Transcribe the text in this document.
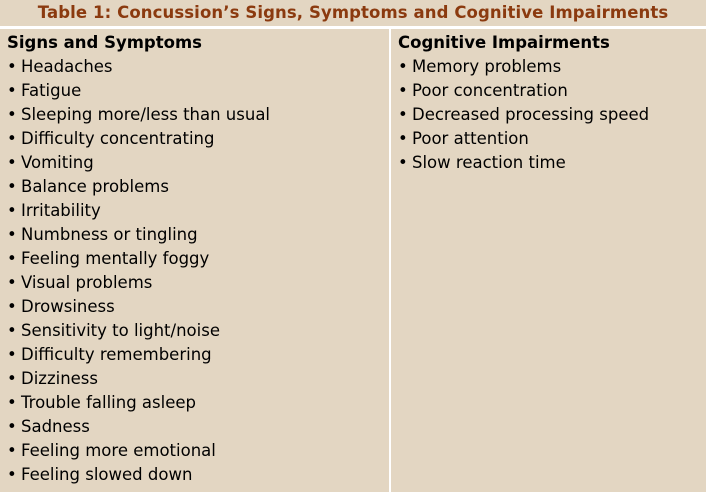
Table 1: Concussion’s Signs, Symptoms and Cognitive Impairments
Signs and Symptoms
• Headaches
• Fatigue
• Sleeping more/less than usual
• Difficulty concentrating
• Vomiting
• Balance problems
• Irritability
• Numbness or tingling
• Feeling mentally foggy
• Visual problems
• Drowsiness
• Sensitivity to light/noise
• Difficulty remembering
• Dizziness
• Trouble falling asleep
• Sadness
• Feeling more emotional
• Feeling slowed down
Cognitive Impairments
• Memory problems
• Poor concentration
• Decreased processing speed
• Poor attention
• Slow reaction time
